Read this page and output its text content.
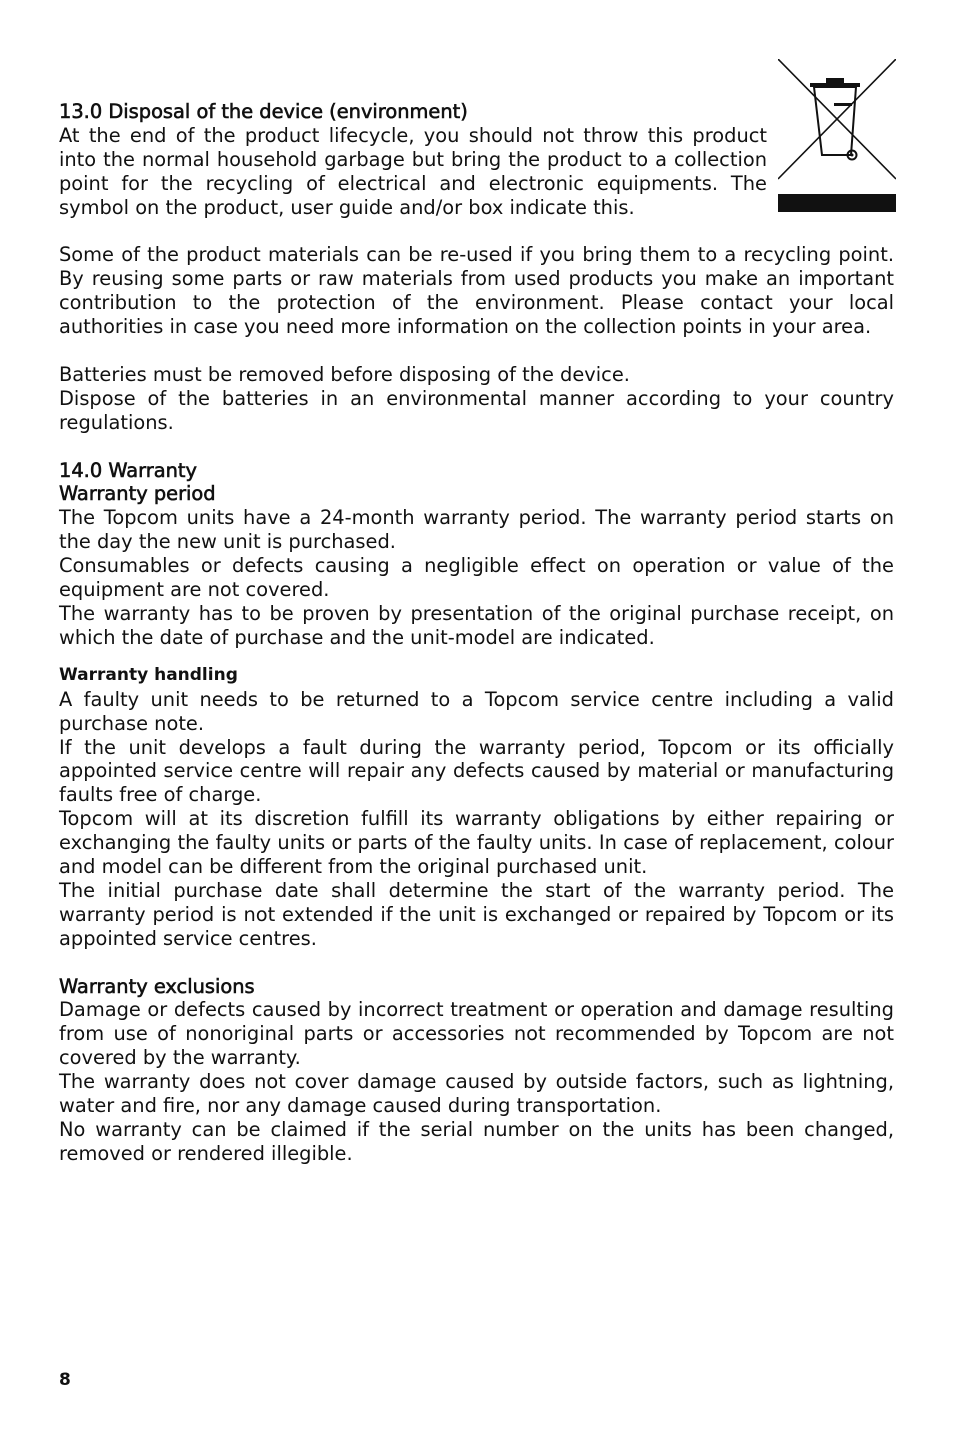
13.0 Disposal of the device (environment)

At the end of the product lifecycle, you should not throw this product into the normal household garbage but bring the product to a collection point for the recycling of electrical and electronic equipments. The symbol on the product, user guide and/or box indicate this.

Some of the product materials can be re-used if you bring them to a recycling point. By reusing some parts or raw materials from used products you make an important contribution to the protection of the environment. Please contact your local authorities in case you need more information on the collection points in your area.

Batteries must be removed before disposing of the device.

Dispose of the batteries in an environmental manner according to your country regulations.

14.0 Warranty

Warranty period

The Topcom units have a 24-month warranty period. The warranty period starts on the day the new unit is purchased.

Consumables or defects causing a negligible effect on operation or value of the equipment are not covered.

The warranty has to be proven by presentation of the original purchase receipt, on which the date of purchase and the unit-model are indicated.

Warranty handling

A faulty unit needs to be returned to a Topcom service centre including a valid purchase note.

If the unit develops a fault during the warranty period, Topcom or its officially appointed service centre will repair any defects caused by material or manufacturing faults free of charge.

Topcom will at its discretion fulfill its warranty obligations by either repairing or exchanging the faulty units or parts of the faulty units. In case of replacement, colour and model can be different from the original purchased unit.

The initial purchase date shall determine the start of the warranty period. The warranty period is not extended if the unit is exchanged or repaired by Topcom or its appointed service centres.

Warranty exclusions

Damage or defects caused by incorrect treatment or operation and damage resulting from use of nonoriginal parts or accessories not recommended by Topcom are not covered by the warranty.

The warranty does not cover damage caused by outside factors, such as lightning, water and fire, nor any damage caused during transportation.

No warranty can be claimed if the serial number on the units has been changed, removed or rendered illegible.

8
